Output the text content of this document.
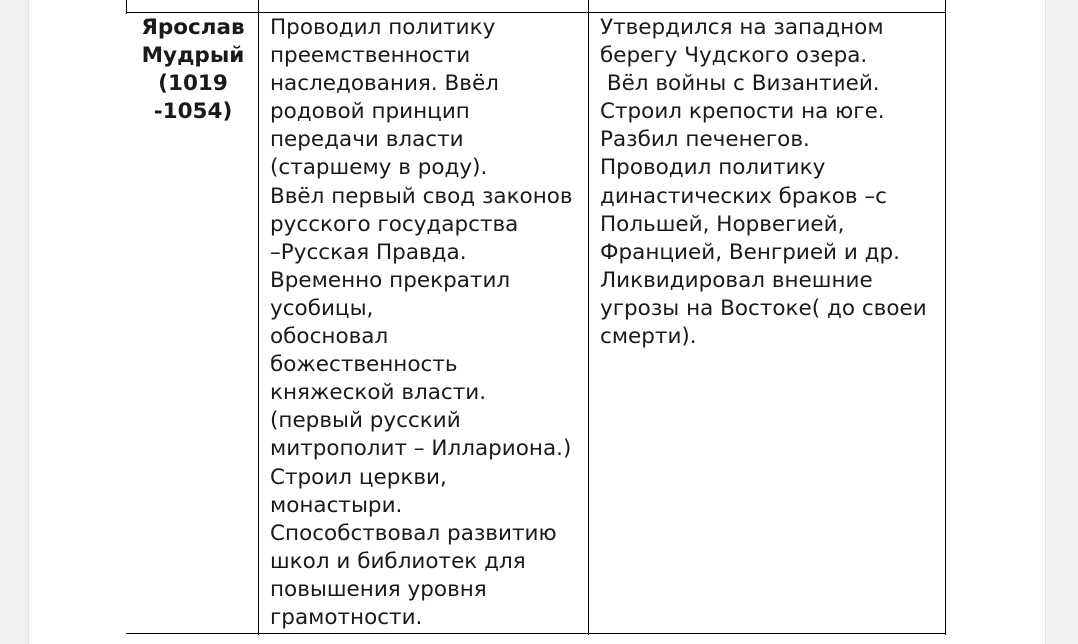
Ярослав
Мудрый
(1019
-1054)
Проводил политику
преемственности
наследования. Ввёл
родовой принцип
передачи власти
(старшему в роду).
Ввёл первый свод законов
русского государства
–Русская Правда.
Временно прекратил
усобицы,
обосновал
божественность
княжеской власти.
(первый русский
митрополит – Иллариона.)
Строил церкви,
монастыри.
Способствовал развитию
школ и библиотек для
повышения уровня
грамотности.
Утвердился на западном
берегу Чудского озера.
Вёл войны с Византией.
Строил крепости на юге.
Разбил печенегов.
Проводил политику
династических браков –с
Польшей, Норвегией,
Францией, Венгрией и др.
Ликвидировал внешние
угрозы на Востоке( до своеи
смерти).
